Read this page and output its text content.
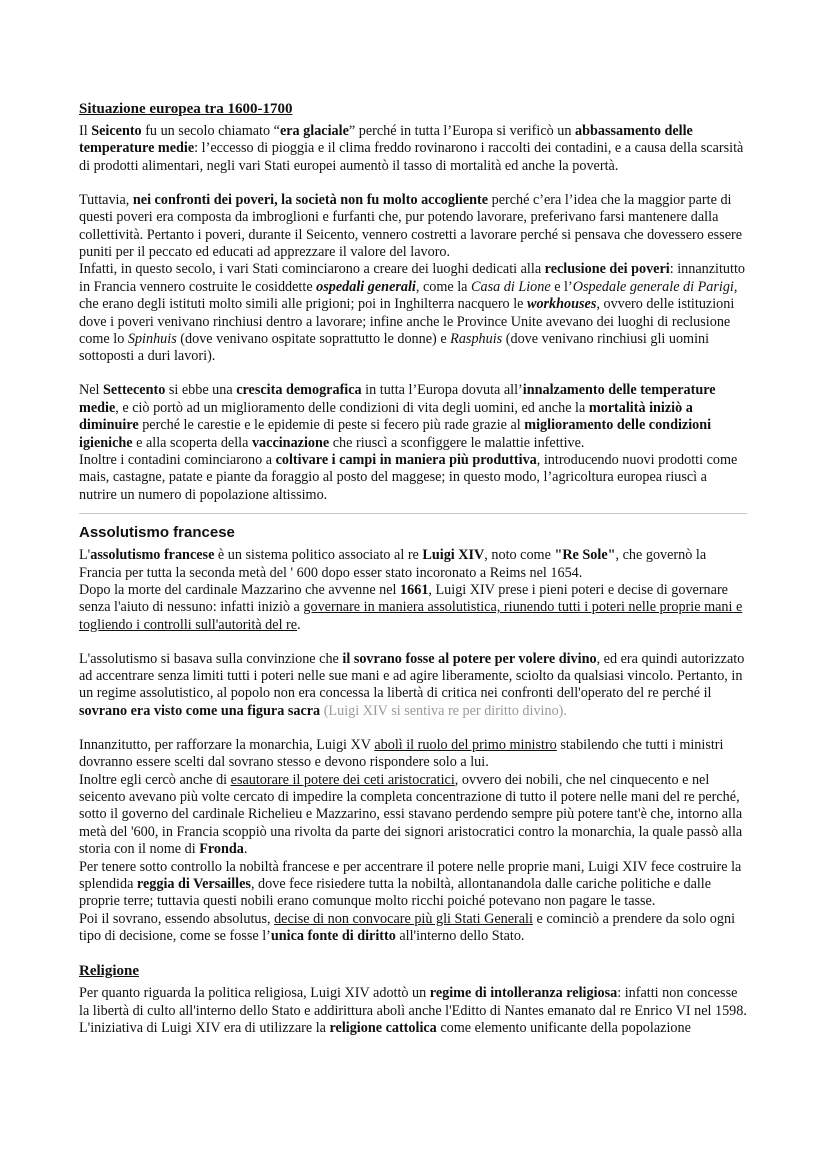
Situazione europea tra 1600-1700

Il Seicento fu un secolo chiamato “era glaciale” perché in tutta l’Europa si verificò un abbassamento delle temperature medie: l’eccesso di pioggia e il clima freddo rovinarono i raccolti dei contadini, e a causa della scarsità di prodotti alimentari, negli vari Stati europei aumentò il tasso di mortalità ed anche la povertà.

Tuttavia, nei confronti dei poveri, la società non fu molto accogliente perché c’era l’idea che la maggior parte di questi poveri era composta da imbroglioni e furfanti che, pur potendo lavorare, preferivano farsi mantenere dalla collettività. Pertanto i poveri, durante il Seicento, vennero costretti a lavorare perché si pensava che dovessero essere puniti per il peccato ed educati ad apprezzare il valore del lavoro.

Infatti, in questo secolo, i vari Stati cominciarono a creare dei luoghi dedicati alla reclusione dei poveri: innanzitutto in Francia vennero costruite le cosiddette ospedali generali, come la Casa di Lione e l’Ospedale generale di Parigi, che erano degli istituti molto simili alle prigioni; poi in Inghilterra nacquero le workhouses, ovvero delle istituzioni dove i poveri venivano rinchiusi dentro a lavorare; infine anche le Province Unite avevano dei luoghi di reclusione come lo Spinhuis (dove venivano ospitate soprattutto le donne) e Rasphuis (dove venivano rinchiusi gli uomini sottoposti a duri lavori).

Nel Settecento si ebbe una crescita demografica in tutta l’Europa dovuta all’innalzamento delle temperature medie, e ciò portò ad un miglioramento delle condizioni di vita degli uomini, ed anche la mortalità iniziò a diminuire perché le carestie e le epidemie di peste si fecero più rade grazie al miglioramento delle condizioni igieniche e alla scoperta della vaccinazione che riuscì a sconfiggere le malattie infettive.

Inoltre i contadini cominciarono a coltivare i campi in maniera più produttiva, introducendo nuovi prodotti come mais, castagne, patate e piante da foraggio al posto del maggese; in questo modo, l’agricoltura europea riuscì a nutrire un numero di popolazione altissimo.

Assolutismo francese

L'assolutismo francese è un sistema politico associato al re Luigi XIV, noto come "Re Sole", che governò la Francia per tutta la seconda metà del ' 600 dopo esser stato incoronato a Reims nel 1654.

Dopo la morte del cardinale Mazzarino che avvenne nel 1661, Luigi XIV prese i pieni poteri e decise di governare senza l'aiuto di nessuno: infatti iniziò a governare in maniera assolutistica, riunendo tutti i poteri nelle proprie mani e togliendo i controlli sull'autorità del re.

L'assolutismo si basava sulla convinzione che il sovrano fosse al potere per volere divino, ed era quindi autorizzato ad accentrare senza limiti tutti i poteri nelle sue mani e ad agire liberamente, sciolto da qualsiasi vincolo. Pertanto, in un regime assolutistico, al popolo non era concessa la libertà di critica nei confronti dell'operato del re perché il sovrano era visto come una figura sacra (Luigi XIV si sentiva re per diritto divino).

Innanzitutto, per rafforzare la monarchia, Luigi XV abolì il ruolo del primo ministro stabilendo che tutti i ministri dovranno essere scelti dal sovrano stesso e devono rispondere solo a lui.

Inoltre egli cercò anche di esautorare il potere dei ceti aristocratici, ovvero dei nobili, che nel cinquecento e nel seicento avevano più volte cercato di impedire la completa concentrazione di tutto il potere nelle mani del re perché, sotto il governo del cardinale Richelieu e Mazzarino, essi stavano perdendo sempre più potere tant'è che, intorno alla metà del '600, in Francia scoppiò una rivolta da parte dei signori aristocratici contro la monarchia, la quale passò alla storia con il nome di Fronda.

Per tenere sotto controllo la nobiltà francese e per accentrare il potere nelle proprie mani, Luigi XIV fece costruire la splendida reggia di Versailles, dove fece risiedere tutta la nobiltà, allontanandola dalle cariche politiche e dalle proprie terre; tuttavia questi nobili erano comunque molto ricchi poiché potevano non pagare le tasse.

Poi il sovrano, essendo absolutus, decise di non convocare più gli Stati Generali e cominciò a prendere da solo ogni tipo di decisione, come se fosse l’unica fonte di diritto all'interno dello Stato.

Religione

Per quanto riguarda la politica religiosa, Luigi XIV adottò un regime di intolleranza religiosa: infatti non concesse la libertà di culto all'interno dello Stato e addirittura abolì anche l'Editto di Nantes emanato dal re Enrico VI nel 1598.

L'iniziativa di Luigi XIV era di utilizzare la religione cattolica come elemento unificante della popolazione
